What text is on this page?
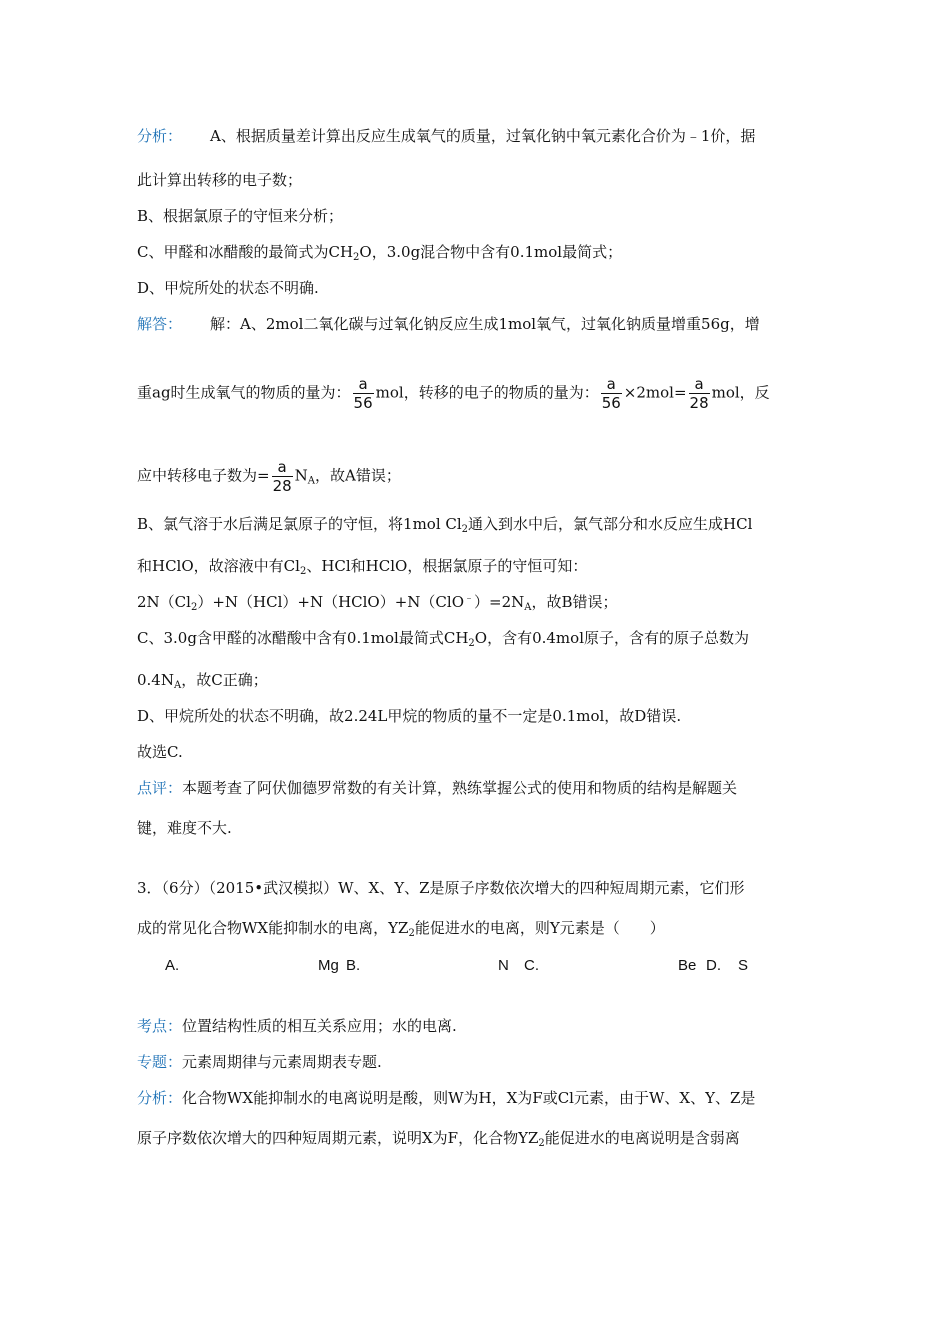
分析： A、根据质量差计算出反应生成氧气的质量，过氧化钠中氧元素化合价为﹣1价，据
此计算出转移的电子数；
B、根据氯原子的守恒来分析；
C、甲醛和冰醋酸的最简式为$CH_2O$，3.0g混合物中含有0.1mol最简式；
D、甲烷所处的状态不明确.
解答： 解：A、2mol二氧化碳与过氧化钠反应生成1mol氧气，过氧化钠质量增重56g，增
重ag时生成氧气的物质的量为： $\frac{a}{56}$ mol，转移的电子的物质的量为： $\frac{a}{56} \times 2mol= \frac{a}{28}$ mol，反
应中转移电子数为= $\frac{a}{28} N_A$，故A错误；
B、氯气溶于水后满足氯原子的守恒，将1mol $Cl_2$通入到水中后，氯气部分和水反应生成HCl
和HClO，故溶液中有$Cl_2$、HCl和HClO，根据氯原子的守恒可知：
$2N(Cl_2)+N(HCl)+N(HClO)+N(ClO^﹣)=2N_A$，故B错误；
C、3.0g含甲醛的冰醋酸中含有0.1mol最简式$CH_2O$，含有0.4mol原子，含有的原子总数为
$0.4N_A$，故C正确；
D、甲烷所处的状态不明确，故2.24L甲烷的物质的量不一定是0.1mol，故D错误.
故选C.
点评：本题考查了阿伏伽德罗常数的有关计算，熟练掌握公式的使用和物质的结构是解题关
键，难度不大.
3．（6分）（2015•武汉模拟）W、X、Y、Z是原子序数依次增大的四种短周期元素，它们形
成的常见化合物WX能抑制水的电离，$YZ_2$能促进水的电离，则Y元素是（　　）
A.	Mg B.	N C.	Be D. S
考点：位置结构性质的相互关系应用；水的电离.
专题：元素周期律与元素周期表专题.
分析：化合物WX能抑制水的电离说明是酸，则W为H，X为F或Cl元素，由于W、X、Y、Z是
原子序数依次增大的四种短周期元素，说明X为F，化合物$YZ_2$能促进水的电离说明是含弱离
